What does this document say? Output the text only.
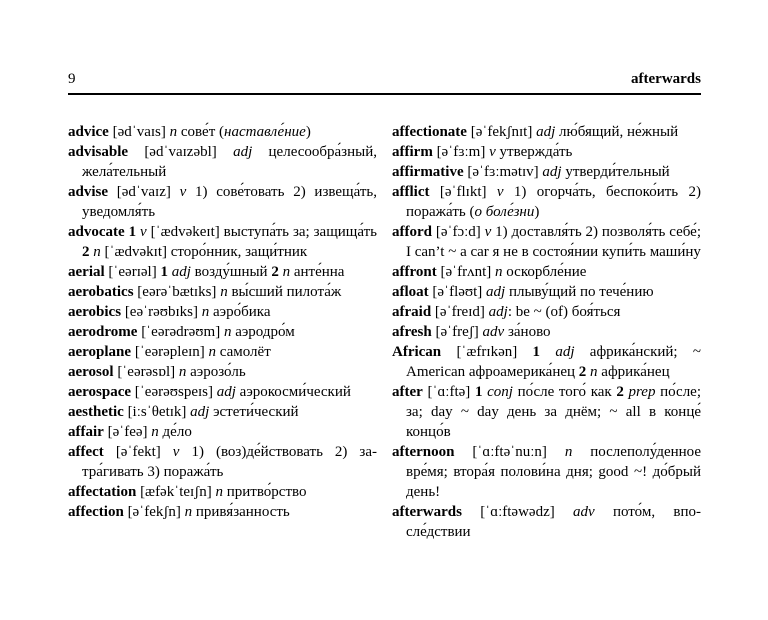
9	afterwards

advice [ədˈvaɪs] n сове́т (наставле́ние)

advisable [ədˈvaɪzəbl] adj целесообра́зный, жела́тельный

advise [ədˈvaɪz] v 1) сове́товать 2) извеща́ть, уведомля́ть

advocate 1 v [ˈædvəkeɪt] выступа́ть за; защища́ть 2 n [ˈædvəkɪt] сторо́нник, защи́тник

aerial [ˈeərɪəl] 1 adj возду́шный 2 n анте́нна

aerobatics [eərəˈbætɪks] n вы́сший пилота́ж

aerobics [eəˈrəʊbɪks] n аэро́бика

aerodrome [ˈeərədrəʊm] n аэродро́м

aeroplane [ˈeərəpleɪn] n самолёт

aerosol [ˈeərəsɒl] n аэрозо́ль

aerospace [ˈeərəʊspeɪs] adj аэрокосми́ческий

aesthetic [iːsˈθetɪk] adj эстети́ческий

affair [əˈfeə] n де́ло

affect [əˈfekt] v 1) (воз)де́йствовать 2) затра́гивать 3) поража́ть

affectation [æfəkˈteɪʃn] n притво́рство

affection [əˈfekʃn] n привя́занность

affectionate [əˈfekʃnɪt] adj лю́бящий, не́жный

affirm [əˈfɜːm] v утвержда́ть

affirmative [əˈfɜːmətɪv] adj утверди́тельный

afflict [əˈflɪkt] v 1) огорча́ть, беспоко́ить 2) поража́ть (о боле́зни)

afford [əˈfɔːd] v 1) доставля́ть 2) позволя́ть себе́; I can’t ~ a car я не в состоя́нии купи́ть маши́ну

affront [əˈfrʌnt] n оскорбле́ние

afloat [əˈfləʊt] adj плыву́щий по тече́нию

afraid [əˈfreɪd] adj: be ~ (of) боя́ться

afresh [əˈfreʃ] adv за́ново

African [ˈæfrɪkən] 1 adj африка́нский; ~ American афроамерика́нец 2 n африка́нец

after [ˈɑːftə] 1 conj по́сле того́ как 2 prep по́сле; за; day ~ day день за днём; ~ all в конце́ концо́в

afternoon [ˈɑːftəˈnuːn] n послеполу́денное вре́мя; втора́я полови́на дня; good ~! до́брый день!

afterwards [ˈɑːftəwədz] adv пото́м, впосле́дствии
